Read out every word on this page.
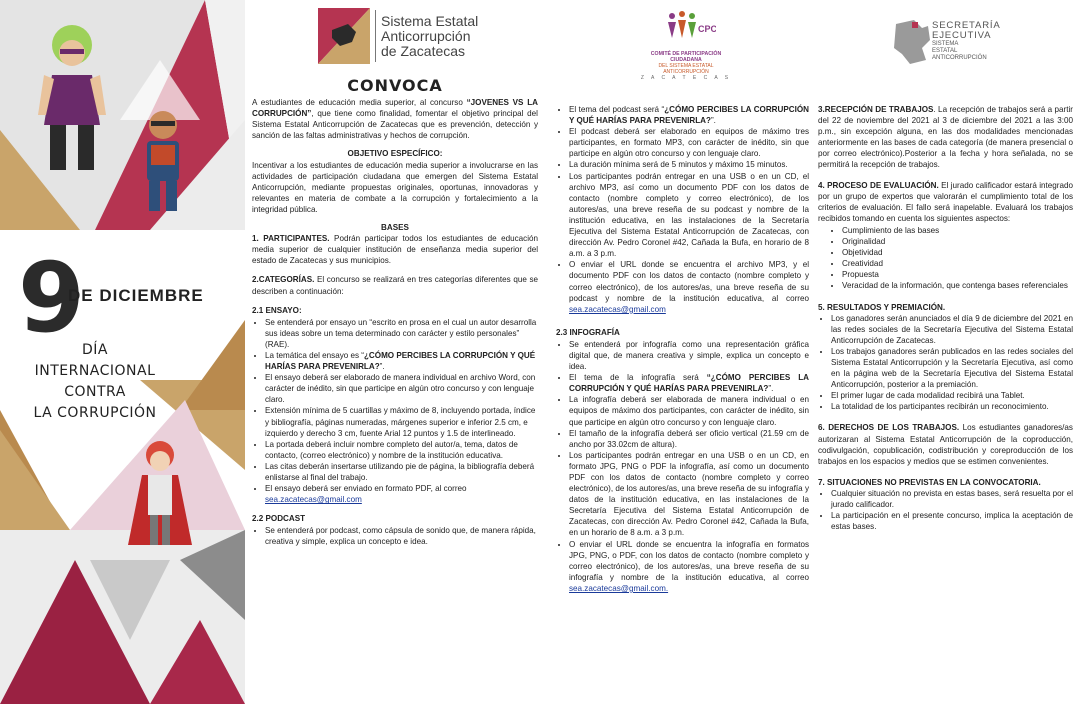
9
DE DICIEMBRE
DÍA
INTERNACIONAL
CONTRA
LA CORRUPCIÓN
Sistema Estatal
Anticorrupción
de Zacatecas
CPC
COMITÉ DE PARTICIPACIÓN CIUDADANA
DEL SISTEMA ESTATAL ANTICORRUPCIÓN
Z A C A T E C A S
SECRETARÍA
EJECUTIVA
SISTEMA
ESTATAL
ANTICORRUPCIÓN
CONVOCA
A estudiantes de educación media superior, al concurso “JOVENES VS LA CORRUPCIÓN”, que tiene como finalidad, fomentar el objetivo principal del Sistema Estatal Anticorrupción de Zacatecas que es prevención, detección y sanción de las faltas administrativas y hechos de corrupción.
OBJETIVO ESPECÍFICO:
Incentivar a los estudiantes de educación media superior a involucrarse en las actividades de participación ciudadana que emergen del Sistema Estatal Anticorrupción, mediante propuestas originales, oportunas, innovadoras y relevantes en materia de combate a la corrupción y fortalecimiento a la integridad pública.
BASES
1. PARTICIPANTES. Podrán participar todos los estudiantes de educación media superior de cualquier institución de enseñanza media superior del estado de Zacatecas y sus municipios.
2.CATEGORÍAS. El concurso se realizará en tres categorías diferentes que se describen a continuación:
2.1 ENSAYO:
• Se entenderá por ensayo un “escrito en prosa en el cual un autor desarrolla sus ideas sobre un tema determinado con carácter y estilo personales” (RAE).
• La temática del ensayo es “¿CÓMO PERCIBES LA CORRUPCIÓN Y QUÉ HARÍAS PARA PREVENIRLA?”.
• El ensayo deberá ser elaborado de manera individual en archivo Word, con carácter de inédito, sin que participe en algún otro concurso y con lenguaje claro.
• Extensión mínima de 5 cuartillas y máximo de 8, incluyendo portada, índice y bibliografía, páginas numeradas, márgenes superior e inferior 2.5 cm, e izquierdo y derecho 3 cm, fuente Arial 12 puntos y 1.5 de interlineado.
• La portada deberá incluir nombre completo del autor/a, tema, datos de contacto, (correo electrónico) y nombre de la institución educativa.
• Las citas deberán insertarse utilizando pie de página, la bibliografía deberá enlistarse al final del trabajo.
• El ensayo deberá ser enviado en formato PDF, al correo
sea.zacatecas@gmail.com
2.2 PODCAST
• Se entenderá por podcast, como cápsula de sonido que, de manera rápida, creativa y simple, explica un concepto e idea.
• El tema del podcast será “¿CÓMO PERCIBES LA CORRUPCIÓN Y QUÉ HARÍAS PARA PREVENIRLA?”.
• El podcast deberá ser elaborado en equipos de máximo tres participantes, en formato MP3, con carácter de inédito, sin que participe en algún otro concurso y con lenguaje claro.
• La duración mínima será de 5 minutos y máximo 15 minutos.
• Los participantes podrán entregar en una USB o en un CD, el archivo MP3, así como un documento PDF con los datos de contacto (nombre completo y correo electrónico), de los autores/as, una breve reseña de su podcast y nombre de la institución educativa, en las instalaciones de la Secretaría Ejecutiva del Sistema Estatal Anticorrupción de Zacatecas, con dirección Av. Pedro Coronel #42, Cañada la Bufa, en horario de 8 a.m. a 3 p.m.
• O enviar el URL donde se encuentra el archivo MP3, y el documento PDF con los datos de contacto (nombre completo y correo electrónico), de los autores/as, una breve reseña de su podcast y nombre de la institución educativa, al correo sea.zacatecas@gmail.com
2.3 INFOGRAFÍA
• Se entenderá por infografía como una representación gráfica digital que, de manera creativa y simple, explica un concepto e idea.
• El tema de la infografía será “¿CÓMO PERCIBES LA CORRUPCIÓN Y QUÉ HARÍAS PARA PREVENIRLA?”.
• La infografía deberá ser elaborada de manera individual o en equipos de máximo dos participantes, con carácter de inédito, sin que participe en algún otro concurso y con lenguaje claro.
• El tamaño de la infografía deberá ser oficio vertical (21.59 cm de ancho por 33.02cm de altura).
• Los participantes podrán entregar en una USB o en un CD, en formato JPG, PNG o PDF la infografía, así como un documento PDF con los datos de contacto (nombre completo y correo electrónico), de los autores/as, una breve reseña de su infografía y datos de la institución educativa, en las instalaciones de la Secretaría Ejecutiva del Sistema Estatal Anticorrupción de Zacatecas, con dirección Av. Pedro Coronel #42, Cañada la Bufa, en un horario de 8 a.m. a 3 p.m.
• O enviar el URL donde se encuentra la infografía en formatos JPG, PNG, o PDF, con los datos de contacto (nombre completo y correo electrónico), de los autores/as, una breve reseña de su infografía y nombre de la institución educativa, al correo sea.zacatecas@gmail.com.
3.RECEPCIÓN DE TRABAJOS. La recepción de trabajos será a partir del 22 de noviembre del 2021 al 3 de diciembre del 2021 a las 3:00 p.m., sin excepción alguna, en las dos modalidades mencionadas anteriormente en las bases de cada categoría (de manera presencial o por correo electrónico).Posterior a la fecha y hora señalada, no se permitirá la recepción de trabajos.
4. PROCESO DE EVALUACIÓN. El jurado calificador estará integrado por un grupo de expertos que valorarán el cumplimiento total de los criterios de evaluación. El fallo será inapelable. Evaluará los trabajos recibidos tomando en cuenta los siguientes aspectos:
• Cumplimiento de las bases
• Originalidad
• Objetividad
• Creatividad
• Propuesta
• Veracidad de la información, que contenga bases referenciales
5. RESULTADOS Y PREMIACIÓN.
• Los ganadores serán anunciados el día 9 de diciembre del 2021 en las redes sociales de la Secretaría Ejecutiva del Sistema Estatal Anticorrupción de Zacatecas.
• Los trabajos ganadores serán publicados en las redes sociales del Sistema Estatal Anticorrupción y la Secretaría Ejecutiva, así como en la página web de la Secretaría Ejecutiva del Sistema Estatal Anticorrupción, posterior a la premiación.
• El primer lugar de cada modalidad recibirá una Tablet.
• La totalidad de los participantes recibirán un reconocimiento.
6. DERECHOS DE LOS TRABAJOS. Los estudiantes ganadores/as autorizaran al Sistema Estatal Anticorrupción de la coproducción, codivulgación, copublicación, codistribución y coreproducción de los trabajos en los espacios y medios que se estimen convenientes.
7. SITUACIONES NO PREVISTAS EN LA CONVOCATORIA.
• Cualquier situación no prevista en estas bases, será resuelta por el jurado calificador.
• La participación en el presente concurso, implica la aceptación de estas bases.
